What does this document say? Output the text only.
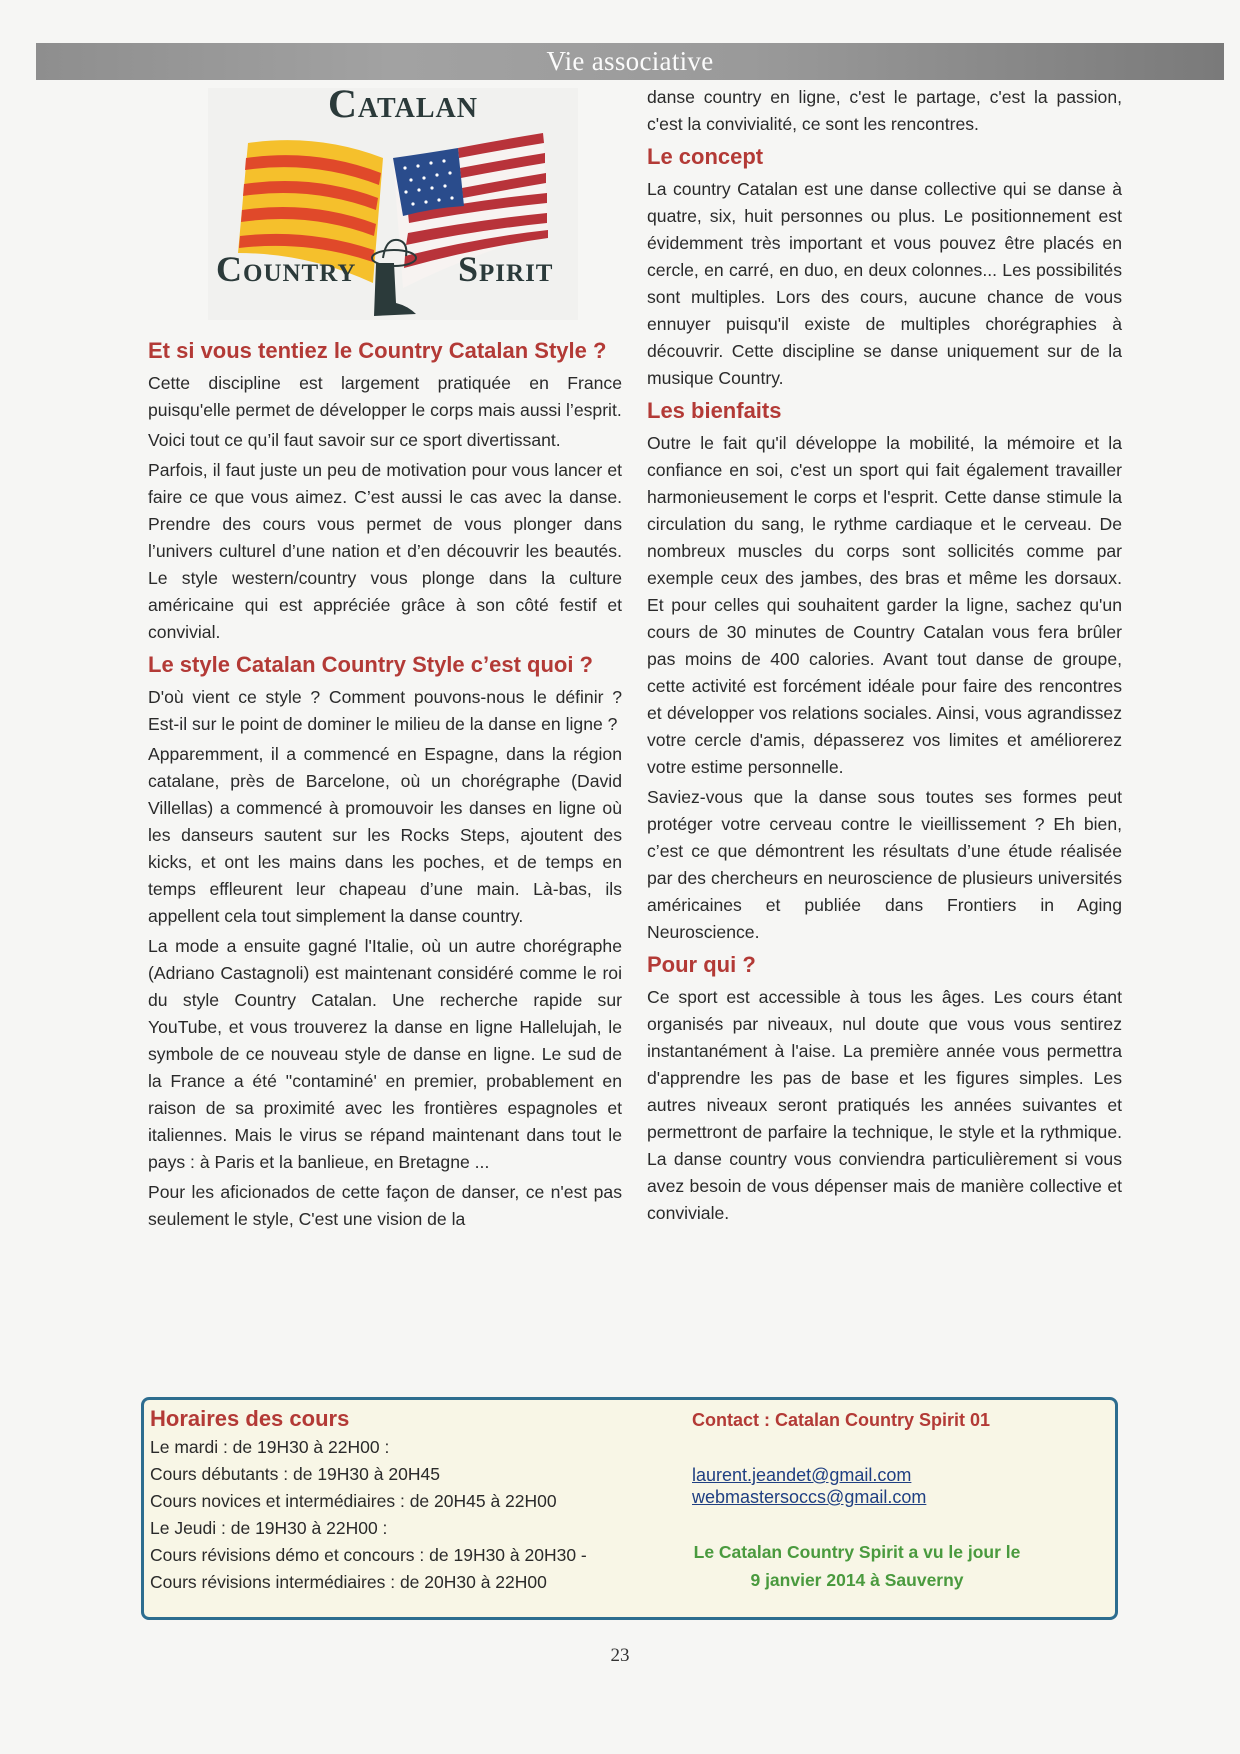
Vie associative
Catalan
Country	Spirit
Et si vous tentiez le Country Catalan Style ?

Cette discipline est largement pratiquée en France puisqu'elle permet de développer le corps mais aussi l’esprit.

Voici tout ce qu’il faut savoir sur ce sport divertissant.

Parfois, il faut juste un peu de motivation pour vous lancer et faire ce que vous aimez. C’est aussi le cas avec la danse. Prendre des cours vous permet de vous plonger dans l’univers culturel d’une nation et d’en découvrir les beautés. Le style western/country vous plonge dans la culture américaine qui est appréciée grâce à son côté festif et convivial.

Le style Catalan Country Style c’est quoi ?

D'où vient ce style ? Comment pouvons-nous le définir ? Est-il sur le point de dominer le milieu de la danse en ligne ?

Apparemment, il a commencé en Espagne, dans la région catalane, près de Barcelone, où un chorégraphe (David Villellas) a commencé à promouvoir les danses en ligne où les danseurs sautent sur les Rocks Steps, ajoutent des kicks, et ont les mains dans les poches, et de temps en temps effleurent leur chapeau d’une main. Là-bas, ils appellent cela tout simplement la danse country.

La mode a ensuite gagné l'Italie, où un autre chorégraphe (Adriano Castagnoli) est maintenant considéré comme le roi du style Country Catalan. Une recherche rapide sur YouTube, et vous trouverez la danse en ligne Hallelujah, le symbole de ce nouveau style de danse en ligne. Le sud de la France a été ''contaminé' en premier, probablement en raison de sa proximité avec les frontières espagnoles et italiennes. Mais le virus se répand maintenant dans tout le pays : à Paris et la banlieue, en Bretagne ...

Pour les aficionados de cette façon de danser, ce n'est pas seulement le style, C'est une vision de la

danse country en ligne, c'est le partage, c'est la passion, c'est la convivialité, ce sont les rencontres.

Le concept

La country Catalan est une danse collective qui se danse à quatre, six, huit personnes ou plus. Le positionnement est évidemment très important et vous pouvez être placés en cercle, en carré, en duo, en deux colonnes... Les possibilités sont multiples. Lors des cours, aucune chance de vous ennuyer puisqu'il existe de multiples chorégraphies à découvrir. Cette discipline se danse uniquement sur de la musique Country.

Les bienfaits

Outre le fait qu'il développe la mobilité, la mémoire et la confiance en soi, c'est un sport qui fait également travailler harmonieusement le corps et l'esprit. Cette danse stimule la circulation du sang, le rythme cardiaque et le cerveau. De nombreux muscles du corps sont sollicités comme par exemple ceux des jambes, des bras et même les dorsaux. Et pour celles qui souhaitent garder la ligne, sachez qu'un cours de 30 minutes de Country Catalan vous fera brûler pas moins de 400 calories. Avant tout danse de groupe, cette activité est forcément idéale pour faire des rencontres et développer vos relations sociales. Ainsi, vous agrandissez votre cercle d'amis, dépasserez vos limites et améliorerez votre estime personnelle.

Saviez-vous que la danse sous toutes ses formes peut protéger votre cerveau contre le vieillissement ? Eh bien, c’est ce que démontrent les résultats d’une étude réalisée par des chercheurs en neuroscience de plusieurs universités américaines et publiée dans Frontiers in Aging Neuroscience.

Pour qui ?

Ce sport est accessible à tous les âges. Les cours étant organisés par niveaux, nul doute que vous vous sentirez instantanément à l'aise. La première année vous permettra d'apprendre les pas de base et les figures simples. Les autres niveaux seront pratiqués les années suivantes et permettront de parfaire la technique, le style et la rythmique. La danse country vous conviendra particulièrement si vous avez besoin de vous dépenser mais de manière collective et conviviale.

Horaires des cours
Le mardi : de 19H30 à 22H00 :
Cours débutants : de 19H30 à 20H45
Cours novices et intermédiaires : de 20H45 à 22H00
Le Jeudi : de 19H30 à 22H00 :
Cours révisions démo et concours : de 19H30 à 20H30 -
Cours révisions intermédiaires : de 20H30 à 22H00
Contact : Catalan Country Spirit 01
laurent.jeandet@gmail.com
webmastersoccs@gmail.com
Le Catalan Country Spirit a vu le jour le
9 janvier 2014 à Sauverny
23
